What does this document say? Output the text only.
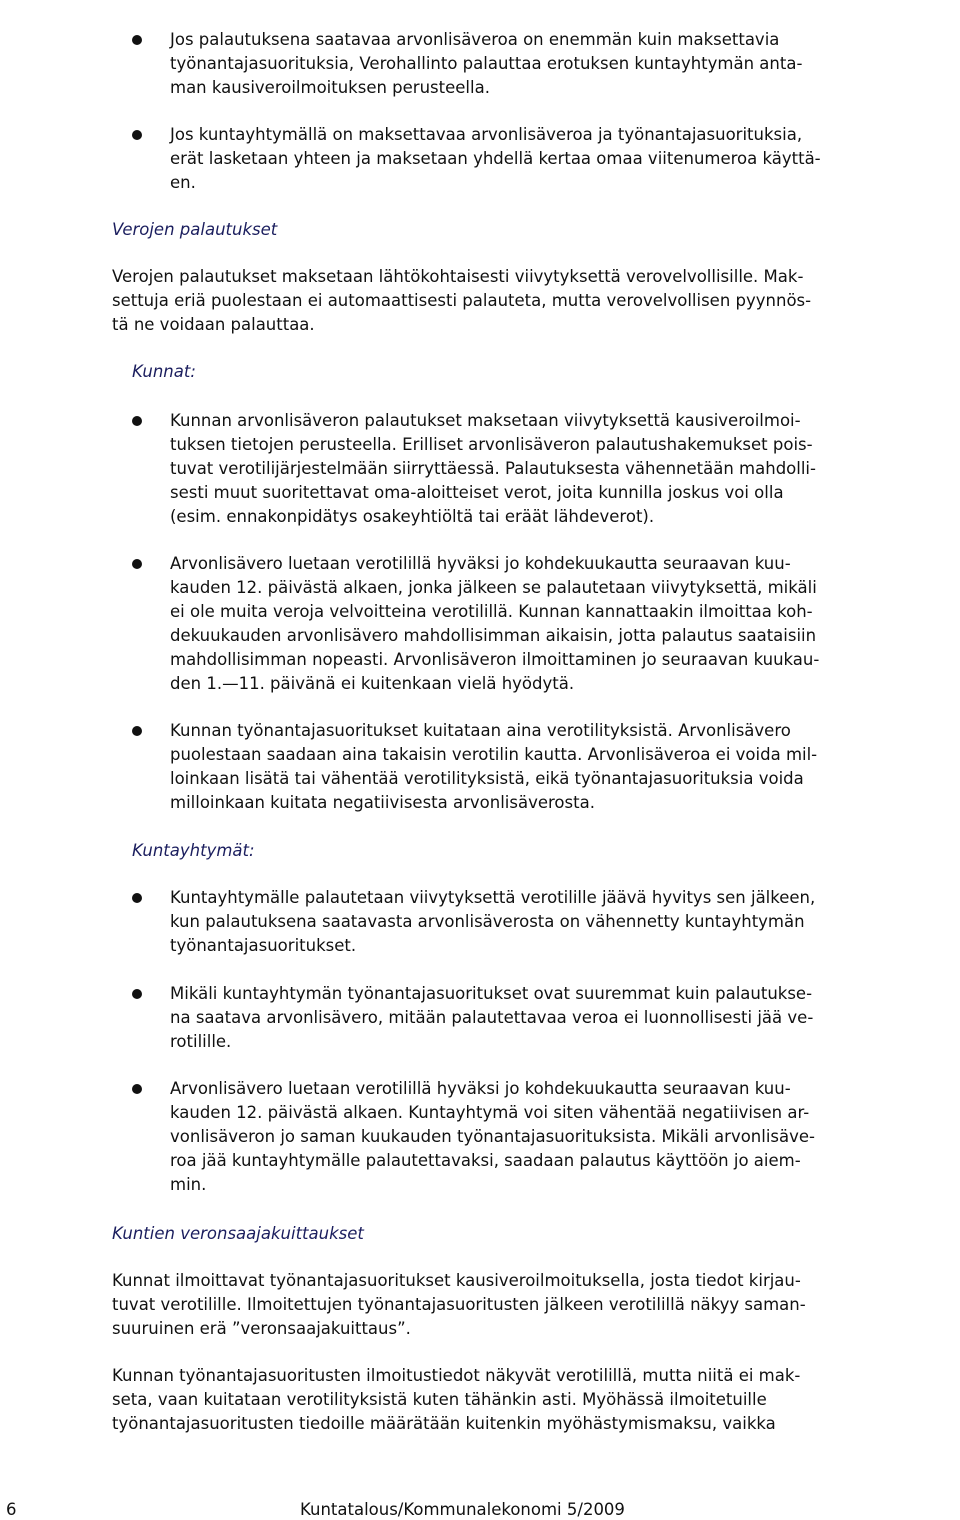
Jos palautuksena saatavaa arvonlisäveroa on enemmän kuin maksettavia
työnantajasuorituksia, Verohallinto palauttaa erotuksen kuntayhtymän anta-
man kausiveroilmoituksen perusteella.
Jos kuntayhtymällä on maksettavaa arvonlisäveroa ja työnantajasuorituksia,
erät lasketaan yhteen ja maksetaan yhdellä kertaa omaa viitenumeroa käyttä-
en.
Verojen palautukset
Verojen palautukset maksetaan lähtökohtaisesti viivytyksettä verovelvollisille. Mak-
settuja eriä puolestaan ei automaattisesti palauteta, mutta verovelvollisen pyynnös-
tä ne voidaan palauttaa.
Kunnat:
Kunnan arvonlisäveron palautukset maksetaan viivytyksettä kausiveroilmoi-
tuksen tietojen perusteella. Erilliset arvonlisäveron palautushakemukset pois-
tuvat verotilijärjestelmään siirryttäessä. Palautuksesta vähennetään mahdolli-
sesti muut suoritettavat oma-aloitteiset verot, joita kunnilla joskus voi olla
(esim. ennakonpidätys osakeyhtiöltä tai eräät lähdeverot).
Arvonlisävero luetaan verotilillä hyväksi jo kohdekuukautta seuraavan kuu-
kauden 12. päivästä alkaen, jonka jälkeen se palautetaan viivytyksettä, mikäli
ei ole muita veroja velvoitteina verotilillä. Kunnan kannattaakin ilmoittaa koh-
dekuukauden arvonlisävero mahdollisimman aikaisin, jotta palautus saataisiin
mahdollisimman nopeasti. Arvonlisäveron ilmoittaminen jo seuraavan kuukau-
den 1.—11. päivänä ei kuitenkaan vielä hyödytä.
Kunnan työnantajasuoritukset kuitataan aina verotilityksistä. Arvonlisävero
puolestaan saadaan aina takaisin verotilin kautta. Arvonlisäveroa ei voida mil-
loinkaan lisätä tai vähentää verotilityksistä, eikä työnantajasuorituksia voida
milloinkaan kuitata negatiivisesta arvonlisäverosta.
Kuntayhtymät:
Kuntayhtymälle palautetaan viivytyksettä verotilille jäävä hyvitys sen jälkeen,
kun palautuksena saatavasta arvonlisäverosta on vähennetty kuntayhtymän
työnantajasuoritukset.
Mikäli kuntayhtymän työnantajasuoritukset ovat suuremmat kuin palautukse-
na saatava arvonlisävero, mitään palautettavaa veroa ei luonnollisesti jää ve-
rotilille.
Arvonlisävero luetaan verotilillä hyväksi jo kohdekuukautta seuraavan kuu-
kauden 12. päivästä alkaen. Kuntayhtymä voi siten vähentää negatiivisen ar-
vonlisäveron jo saman kuukauden työnantajasuorituksista. Mikäli arvonlisäve-
roa jää kuntayhtymälle palautettavaksi, saadaan palautus käyttöön jo aiem-
min.
Kuntien veronsaajakuittaukset
Kunnat ilmoittavat työnantajasuoritukset kausiveroilmoituksella, josta tiedot kirjau-
tuvat verotilille. Ilmoitettujen työnantajasuoritusten jälkeen verotilillä näkyy saman-
suuruinen erä ”veronsaajakuittaus”.
Kunnan työnantajasuoritusten ilmoitustiedot näkyvät verotilillä, mutta niitä ei mak-
seta, vaan kuitataan verotilityksistä kuten tähänkin asti. Myöhässä ilmoitetuille
työnantajasuoritusten tiedoille määrätään kuitenkin myöhästymismaksu, vaikka
6	Kuntatalous/Kommunalekonomi 5/2009
